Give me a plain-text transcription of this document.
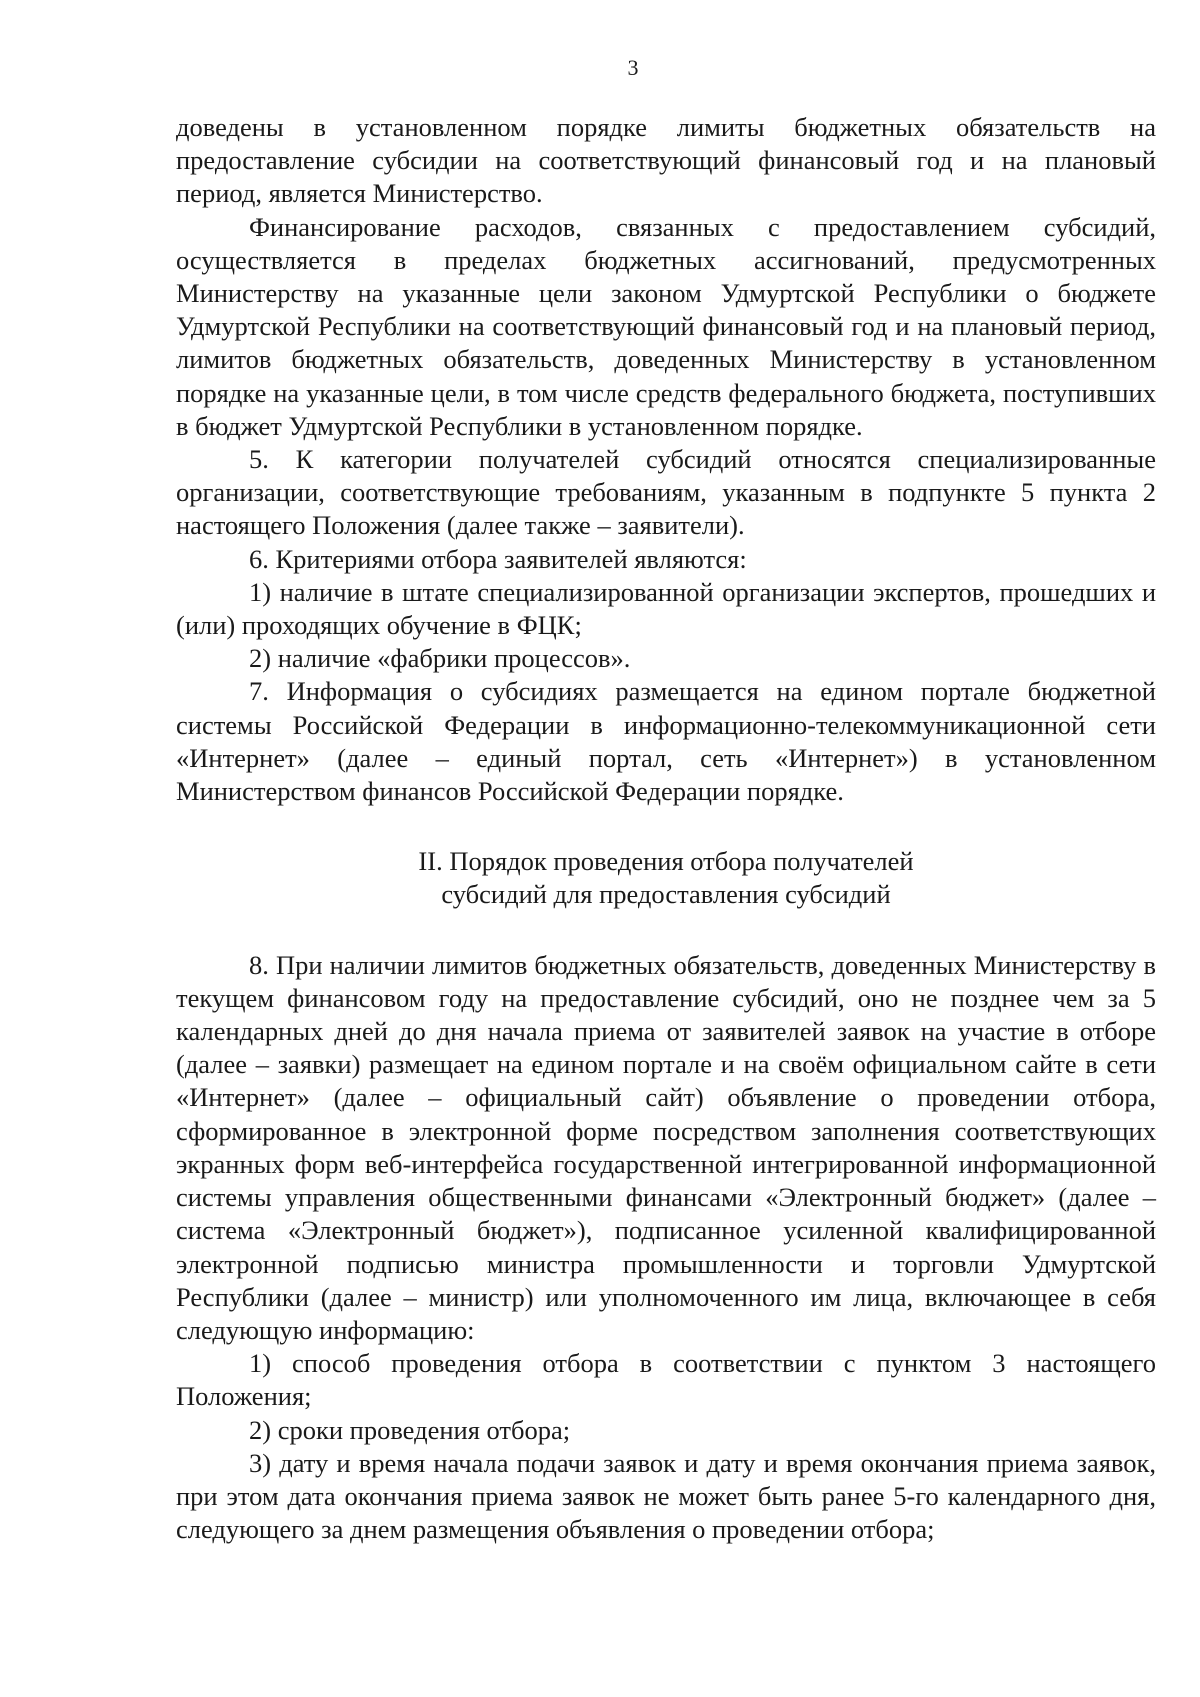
3

доведены в установленном порядке лимиты бюджетных обязательств на предоставление субсидии на соответствующий финансовый год и на плановый период, является Министерство.

Финансирование расходов, связанных с предоставлением субсидий, осуществляется в пределах бюджетных ассигнований, предусмотренных Министерству на указанные цели законом Удмуртской Республики о бюджете Удмуртской Республики на соответствующий финансовый год и на плановый период, лимитов бюджетных обязательств, доведенных Министерству в установленном порядке на указанные цели, в том числе средств федерального бюджета, поступивших в бюджет Удмуртской Республики в установленном порядке.

5. К категории получателей субсидий относятся специализированные организации, соответствующие требованиям, указанным в подпункте 5 пункта 2 настоящего Положения (далее также – заявители).

6. Критериями отбора заявителей являются:

1) наличие в штате специализированной организации экспертов, прошедших и (или) проходящих обучение в ФЦК;

2) наличие «фабрики процессов».

7. Информация о субсидиях размещается на едином портале бюджетной системы Российской Федерации в информационно-телекоммуникационной сети «Интернет» (далее – единый портал, сеть «Интернет») в установленном Министерством финансов Российской Федерации порядке.

II. Порядок проведения отбора получателей
субсидий для предоставления субсидий

8. При наличии лимитов бюджетных обязательств, доведенных Министерству в текущем финансовом году на предоставление субсидий, оно не позднее чем за 5 календарных дней до дня начала приема от заявителей заявок на участие в отборе (далее – заявки) размещает на едином портале и на своём официальном сайте в сети «Интернет» (далее – официальный сайт) объявление о проведении отбора, сформированное в электронной форме посредством заполнения соответствующих экранных форм веб-интерфейса государственной интегрированной информационной системы управления общественными финансами «Электронный бюджет» (далее – система «Электронный бюджет»), подписанное усиленной квалифицированной электронной подписью министра промышленности и торговли Удмуртской Республики (далее – министр) или уполномоченного им лица, включающее в себя следующую информацию:

1) способ проведения отбора в соответствии с пунктом 3 настоящего Положения;

2) сроки проведения отбора;

3) дату и время начала подачи заявок и дату и время окончания приема заявок, при этом дата окончания приема заявок не может быть ранее 5-го календарного дня, следующего за днем размещения объявления о проведении отбора;
